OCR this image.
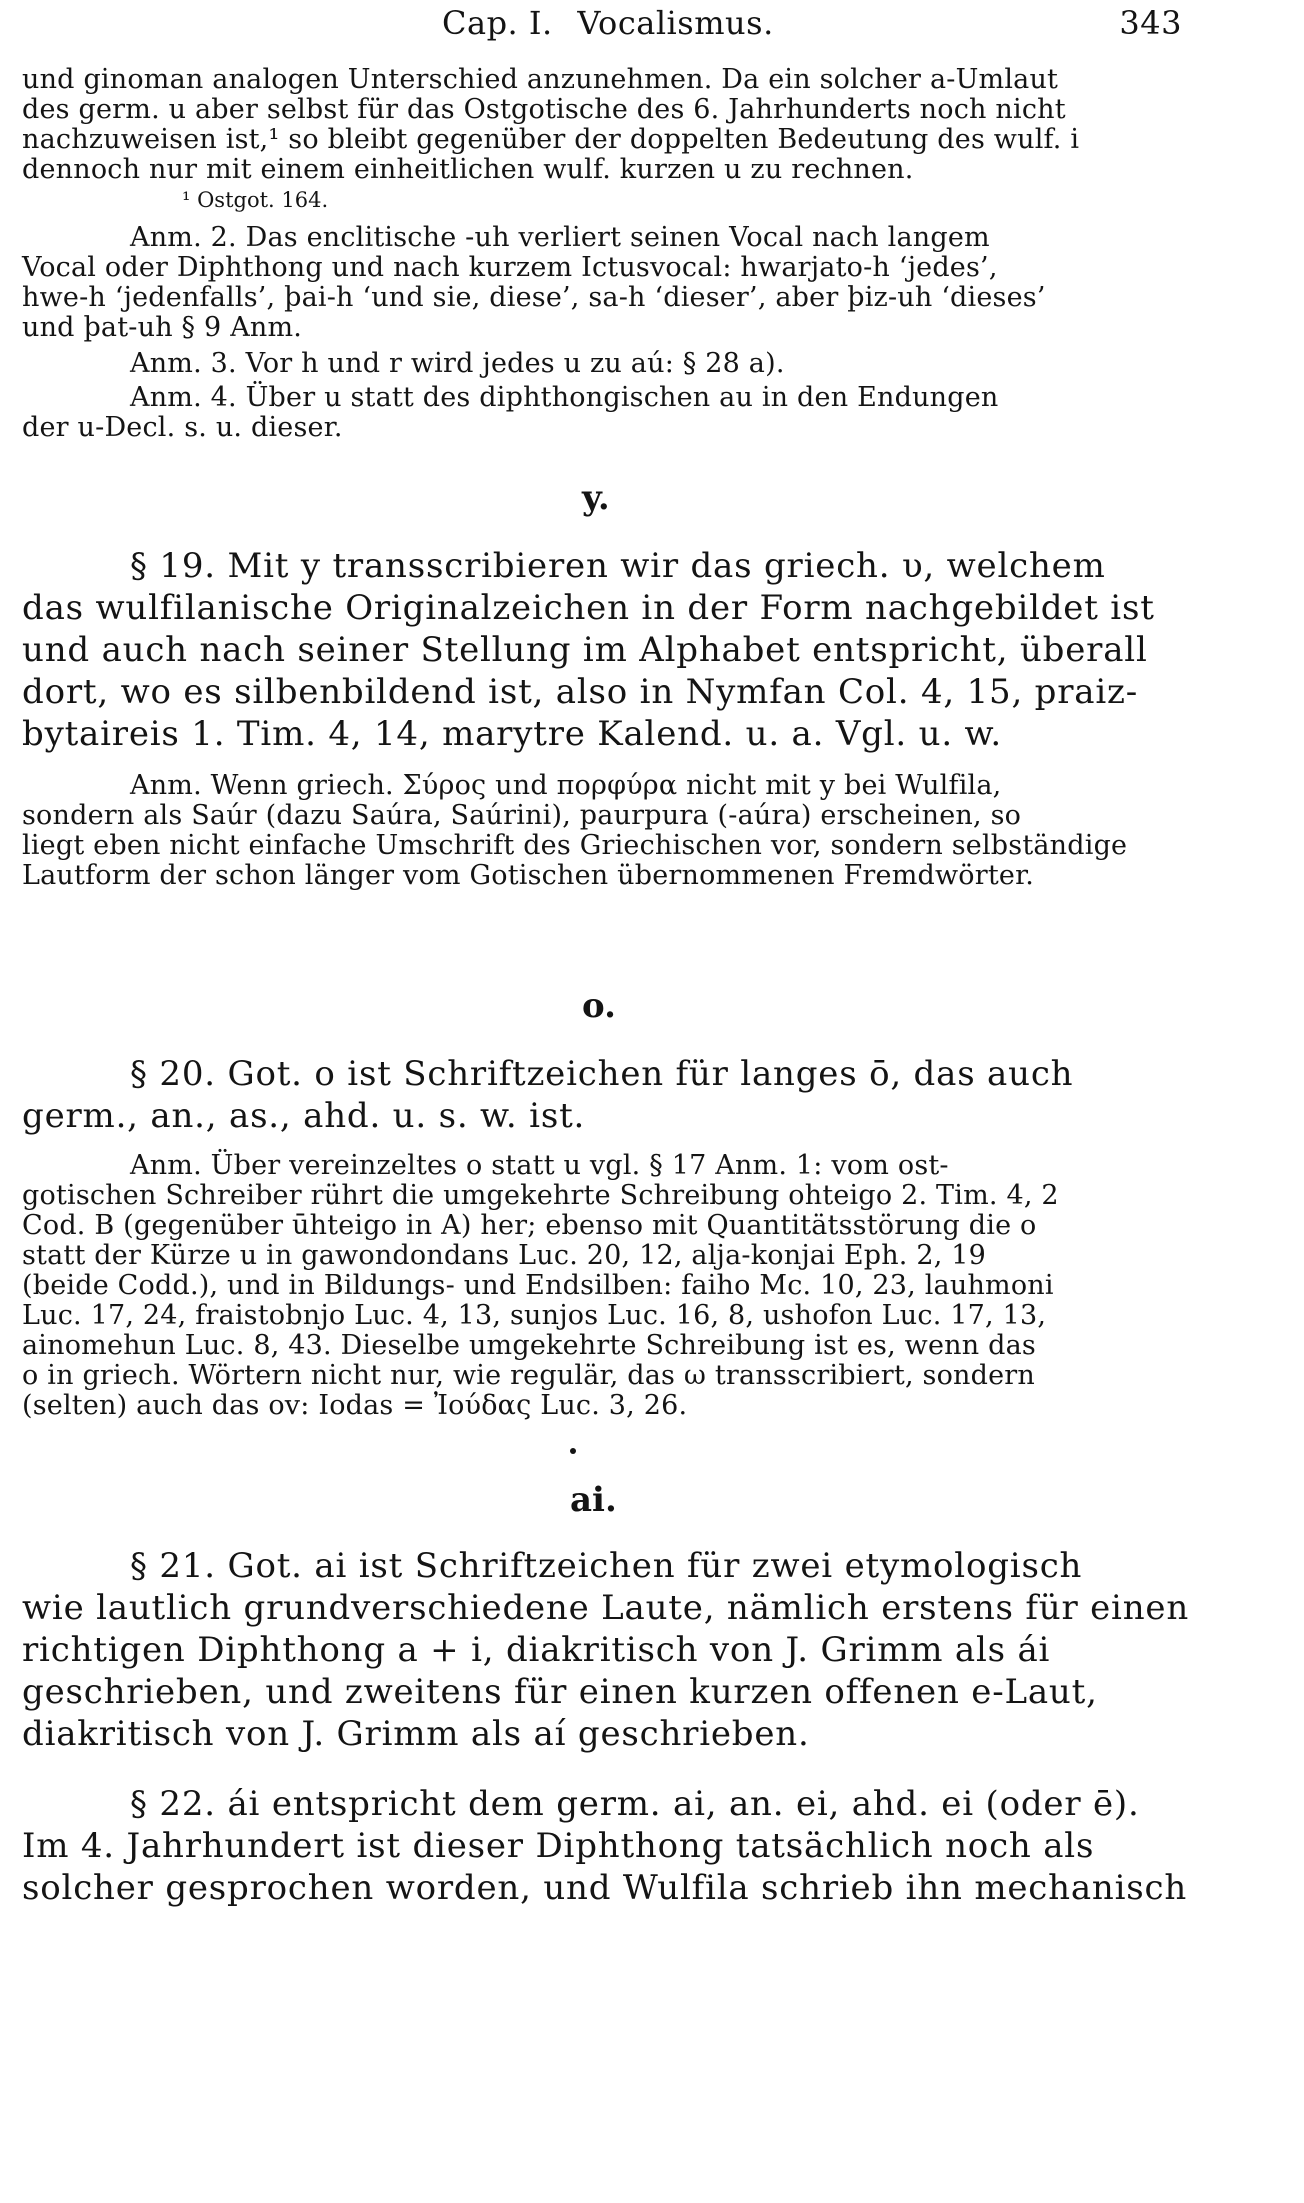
Cap. I. Vocalismus.	343
und ginoman analogen Unterschied anzunehmen. Da ein solcher a-Umlaut
des germ. u aber selbst für das Ostgotische des 6. Jahrhunderts noch nicht
nachzuweisen ist,¹ so bleibt gegenüber der doppelten Bedeutung des wulf. i
dennoch nur mit einem einheitlichen wulf. kurzen u zu rechnen.
¹ Ostgot. 164.
Anm. 2. Das enclitische -uh verliert seinen Vocal nach langem
Vocal oder Diphthong und nach kurzem Ictusvocal: hwarjato-h ‘jedes’,
hwe-h ‘jedenfalls’, þai-h ‘und sie, diese’, sa-h ‘dieser’, aber þiz-uh ‘dieses’
und þat-uh § 9 Anm.
Anm. 3. Vor h und r wird jedes u zu aú: § 28 a).
Anm. 4. Über u statt des diphthongischen au in den Endungen
der u-Decl. s. u. dieser.
y.
§ 19. Mit y transscribieren wir das griech. υ, welchem
das wulfilanische Originalzeichen in der Form nachgebildet ist
und auch nach seiner Stellung im Alphabet entspricht, überall
dort, wo es silbenbildend ist, also in Nymfan Col. 4, 15, praiz-
bytaireis 1. Tim. 4, 14, marytre Kalend. u. a. Vgl. u. w.
Anm. Wenn griech. Σύρος und πορφύρα nicht mit y bei Wulfila,
sondern als Saúr (dazu Saúra, Saúrini), paurpura (-aúra) erscheinen, so
liegt eben nicht einfache Umschrift des Griechischen vor, sondern selbständige
Lautform der schon länger vom Gotischen übernommenen Fremdwörter.
o.
§ 20. Got. o ist Schriftzeichen für langes ō, das auch
germ., an., as., ahd. u. s. w. ist.
Anm. Über vereinzeltes o statt u vgl. § 17 Anm. 1: vom ost-
gotischen Schreiber rührt die umgekehrte Schreibung ohteigo 2. Tim. 4, 2
Cod. B (gegenüber ūhteigo in A) her; ebenso mit Quantitätsstörung die o
statt der Kürze u in gawondondans Luc. 20, 12, alja-konjai Eph. 2, 19
(beide Codd.), und in Bildungs- und Endsilben: faiho Mc. 10, 23, lauhmoni
Luc. 17, 24, fraistobnjo Luc. 4, 13, sunjos Luc. 16, 8, ushofon Luc. 17, 13,
ainomehun Luc. 8, 43. Dieselbe umgekehrte Schreibung ist es, wenn das
o in griech. Wörtern nicht nur, wie regulär, das ω transscribiert, sondern
(selten) auch das ov: Iodas = Ἰούδας Luc. 3, 26.
ai.
§ 21. Got. ai ist Schriftzeichen für zwei etymologisch
wie lautlich grundverschiedene Laute, nämlich erstens für einen
richtigen Diphthong a + i, diakritisch von J. Grimm als ái
geschrieben, und zweitens für einen kurzen offenen e-Laut,
diakritisch von J. Grimm als aí geschrieben.
§ 22. ái entspricht dem germ. ai, an. ei, ahd. ei (oder ē).
Im 4. Jahrhundert ist dieser Diphthong tatsächlich noch als
solcher gesprochen worden, und Wulfila schrieb ihn mechanisch
